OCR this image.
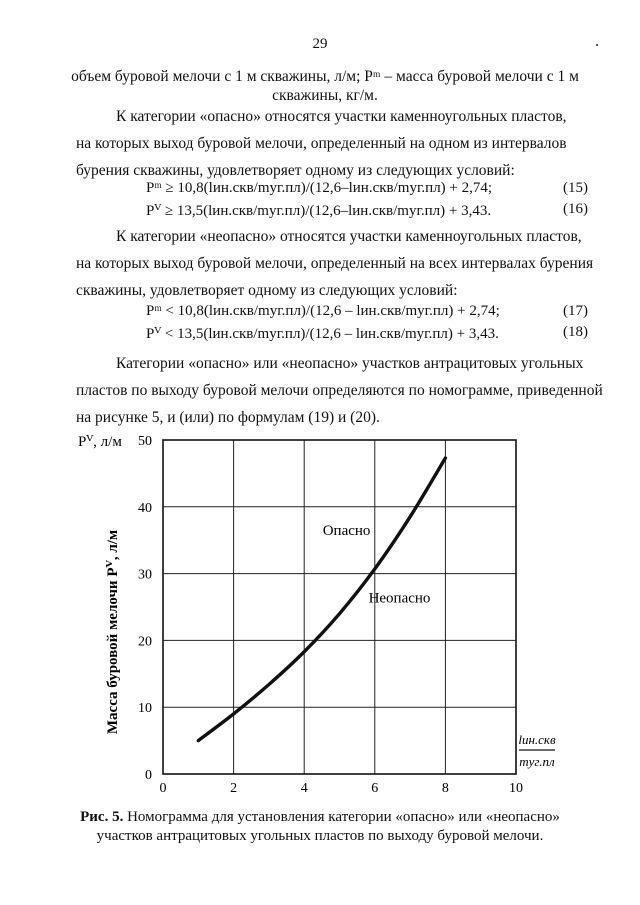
29
объем буровой мелочи с 1 м скважины, л/м; Pᵐ – масса буровой мелочи с 1 м
скважины, кг/м.
К категории «опасно» относятся участки каменноугольных пластов,
на которых выход буровой мелочи, определенный на одном из интервалов
бурения скважины, удовлетворяет одному из следующих условий:
Pᵐ ≥ 10,8(lин.скв/mуг.пл)/(12,6–lин.скв/mуг.пл) + 2,74;	(15)
Pⱽ ≥ 13,5(lин.скв/mуг.пл)/(12,6–lин.скв/mуг.пл) + 3,43.	(16)
К категории «неопасно» относятся участки каменноугольных пластов,
на которых выход буровой мелочи, определенный на всех интервалах бурения
скважины, удовлетворяет одному из следующих условий:
Pᵐ < 10,8(lин.скв/mуг.пл)/(12,6 – lин.скв/mуг.пл) + 2,74;	(17)
Pⱽ < 13,5(lин.скв/mуг.пл)/(12,6 – lин.скв/mуг.пл) + 3,43.	(18)
Категории «опасно» или «неопасно» участков антрацитовых угольных
пластов по выходу буровой мелочи определяются по номограмме, приведенной
на рисунке 5, и (или) по формулам (19) и (20).
0	2	4	6	8	10
0
10
20
30
40
50
Pⱽ, л/м
Масса буровой мелочи Pⱽ, л/м
lин.скв
mуг.пл
Опасно
Неопасно
Рис. 5. Номограмма для установления категории «опасно» или «неопасно»
участков антрацитовых угольных пластов по выходу буровой мелочи.
